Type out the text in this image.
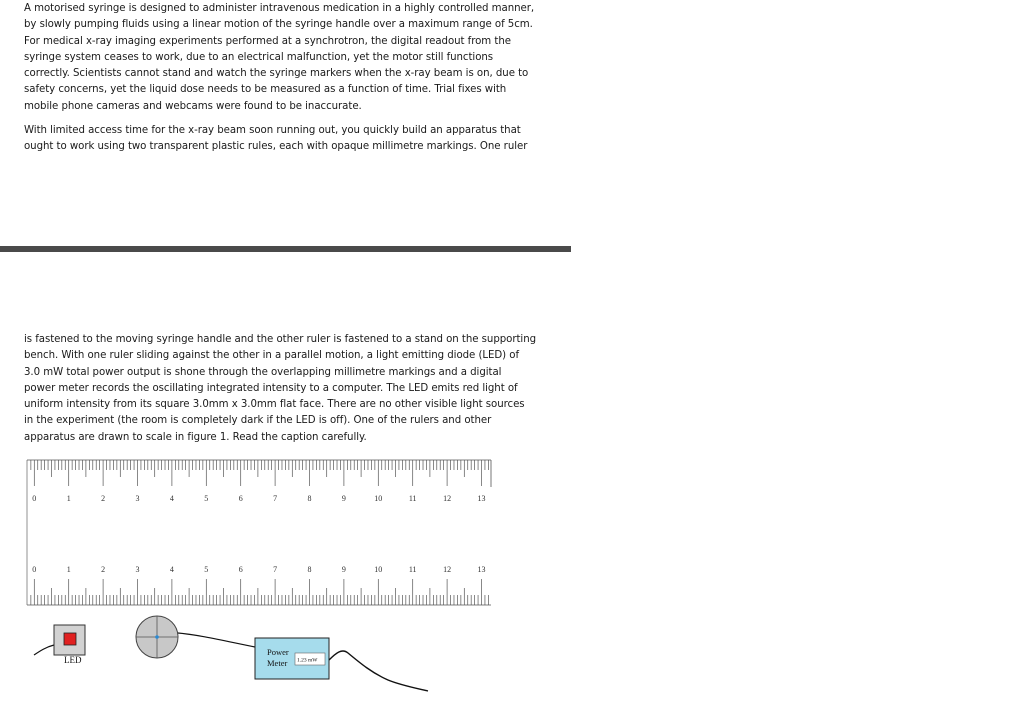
A motorised syringe is designed to administer intravenous medication in a highly controlled manner,
by slowly pumping fluids using a linear motion of the syringe handle over a maximum range of 5cm.
For medical x-ray imaging experiments performed at a synchrotron, the digital readout from the
syringe system ceases to work, due to an electrical malfunction, yet the motor still functions
correctly. Scientists cannot stand and watch the syringe markers when the x-ray beam is on, due to
safety concerns, yet the liquid dose needs to be measured as a function of time. Trial fixes with
mobile phone cameras and webcams were found to be inaccurate.
With limited access time for the x-ray beam soon running out, you quickly build an apparatus that
ought to work using two transparent plastic rules, each with opaque millimetre markings. One ruler
is fastened to the moving syringe handle and the other ruler is fastened to a stand on the supporting
bench. With one ruler sliding against the other in a parallel motion, a light emitting diode (LED) of
3.0 mW total power output is shone through the overlapping millimetre markings and a digital
power meter records the oscillating integrated intensity to a computer. The LED emits red light of
uniform intensity from its square 3.0mm x 3.0mm flat face. There are no other visible light sources
in the experiment (the room is completely dark if the LED is off). One of the rulers and other
apparatus are drawn to scale in figure 1. Read the caption carefully.
0	1	2	3	4	5	6	7	8	9	10	11	12	13
0	1	2	3	4	5	6	7	8	9	10	11	12	13
LED
Power
Meter 1.23 mW
